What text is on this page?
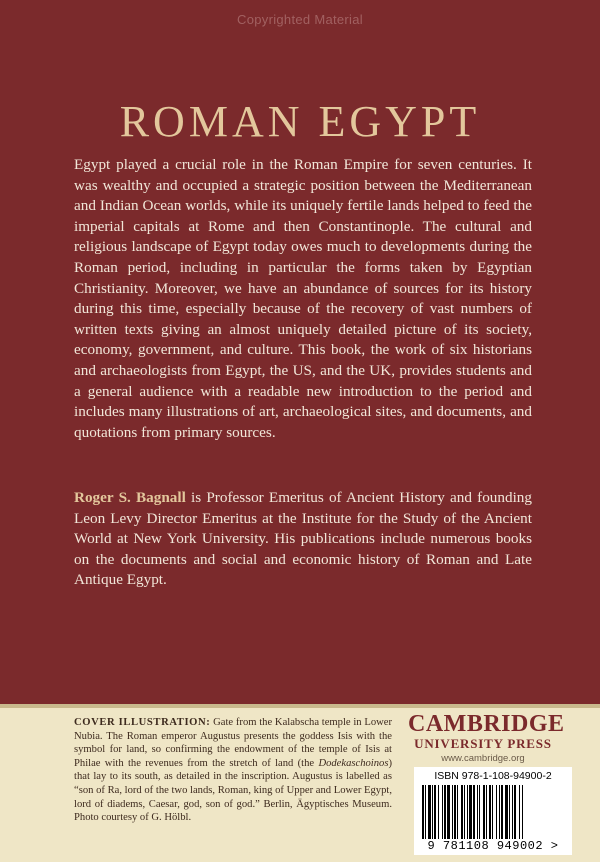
Copyrighted Material
ROMAN EGYPT

Egypt played a crucial role in the Roman Empire for seven centuries. It was wealthy and occupied a strategic position between the Mediterranean and Indian Ocean worlds, while its uniquely fertile lands helped to feed the imperial capitals at Rome and then Constantinople. The cultural and religious landscape of Egypt today owes much to developments during the Roman period, including in particular the forms taken by Egyptian Christianity. Moreover, we have an abundance of sources for its history during this time, especially because of the recovery of vast numbers of written texts giving an almost uniquely detailed picture of its society, economy, government, and culture. This book, the work of six historians and archaeologists from Egypt, the US, and the UK, provides students and a general audience with a readable new introduction to the period and includes many illustrations of art, archaeological sites, and documents, and quotations from primary sources.

Roger S. Bagnall is Professor Emeritus of Ancient History and founding Leon Levy Director Emeritus at the Institute for the Study of the Ancient World at New York University. His publications include numerous books on the documents and social and economic history of Roman and Late Antique Egypt.

COVER ILLUSTRATION: Gate from the Kalabscha temple in Lower Nubia. The Roman emperor Augustus presents the goddess Isis with the symbol for land, so confirming the endowment of the temple of Isis at Philae with the revenues from the stretch of land (the Dodekaschoinos) that lay to its south, as detailed in the inscription. Augustus is labelled as “son of Ra, lord of the two lands, Roman, king of Upper and Lower Egypt, lord of diadems, Caesar, god, son of god.” Berlin, Ägyptisches Museum. Photo courtesy of G. Hölbl.

CAMBRIDGE
UNIVERSITY PRESS
www.cambridge.org
ISBN 978-1-108-94900-2
9 781108 949002 >
